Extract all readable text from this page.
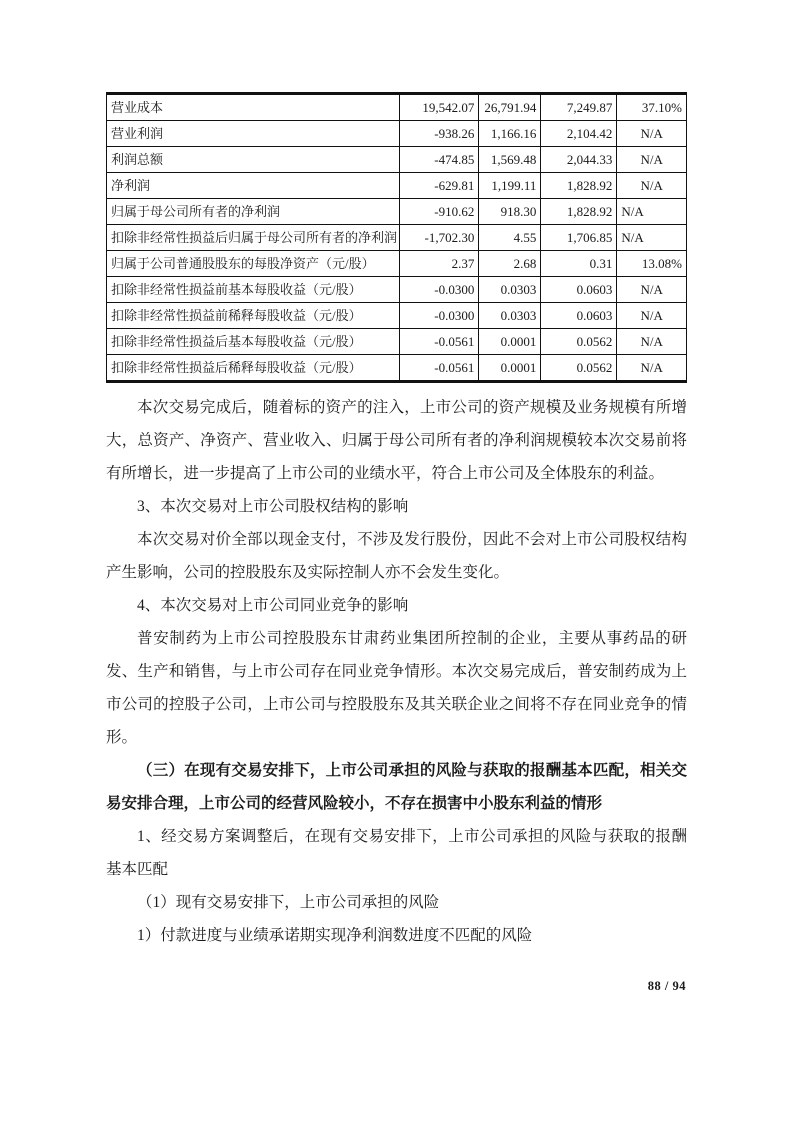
营业成本	19,542.07	26,791.94	7,249.87	37.10%
营业利润	-938.26	1,166.16	2,104.42	N/A
利润总额	-474.85	1,569.48	2,044.33	N/A
净利润	-629.81	1,199.11	1,828.92	N/A
归属于母公司所有者的净利润	-910.62	918.30	1,828.92	N/A
扣除非经常性损益后归属于母公司所有者的净利润	-1,702.30	4.55	1,706.85	N/A
归属于公司普通股股东的每股净资产（元/股）	2.37	2.68	0.31	13.08%
扣除非经常性损益前基本每股收益（元/股）	-0.0300	0.0303	0.0603	N/A
扣除非经常性损益前稀释每股收益（元/股）	-0.0300	0.0303	0.0603	N/A
扣除非经常性损益后基本每股收益（元/股）	-0.0561	0.0001	0.0562	N/A
扣除非经常性损益后稀释每股收益（元/股）	-0.0561	0.0001	0.0562	N/A

本次交易完成后，随着标的资产的注入，上市公司的资产规模及业务规模有所增大，总资产、净资产、营业收入、归属于母公司所有者的净利润规模较本次交易前将有所增长，进一步提高了上市公司的业绩水平，符合上市公司及全体股东的利益。

3、本次交易对上市公司股权结构的影响

本次交易对价全部以现金支付，不涉及发行股份，因此不会对上市公司股权结构产生影响，公司的控股股东及实际控制人亦不会发生变化。

4、本次交易对上市公司同业竞争的影响

普安制药为上市公司控股股东甘肃药业集团所控制的企业，主要从事药品的研发、生产和销售，与上市公司存在同业竞争情形。本次交易完成后，普安制药成为上市公司的控股子公司，上市公司与控股股东及其关联企业之间将不存在同业竞争的情形。

（三）在现有交易安排下，上市公司承担的风险与获取的报酬基本匹配，相关交易安排合理，上市公司的经营风险较小，不存在损害中小股东利益的情形

1、经交易方案调整后，在现有交易安排下，上市公司承担的风险与获取的报酬基本匹配

（1）现有交易安排下，上市公司承担的风险

1）付款进度与业绩承诺期实现净利润数进度不匹配的风险

88 / 94
